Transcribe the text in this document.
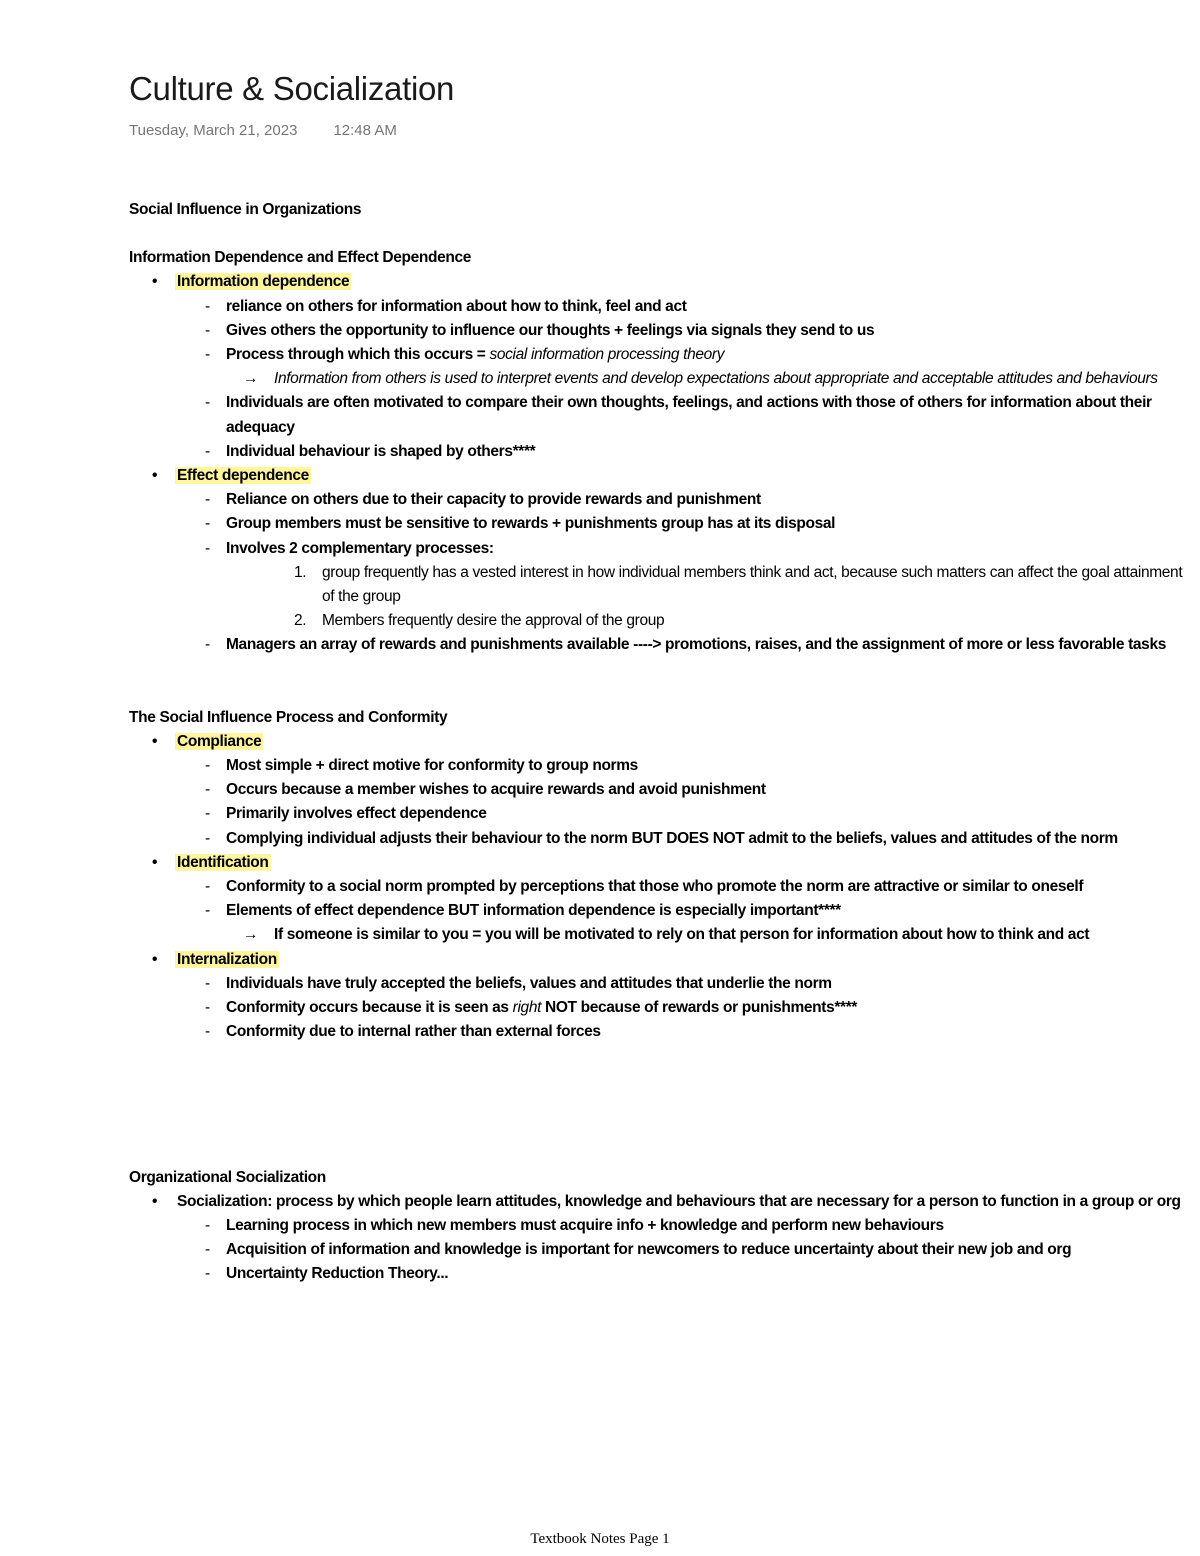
Culture & Socialization
Tuesday, March 21, 2023 12:48 AM

Social Influence in Organizations

Information Dependence and Effect Dependence

• Information dependence
- reliance on others for information about how to think, feel and act
- Gives others the opportunity to influence our thoughts + feelings via signals they send to us
- Process through which this occurs = social information processing theory
→ Information from others is used to interpret events and develop expectations about appropriate and acceptable attitudes and behaviours
- Individuals are often motivated to compare their own thoughts, feelings, and actions with those of others for information about their adequacy
- Individual behaviour is shaped by others****
• Effect dependence
- Reliance on others due to their capacity to provide rewards and punishment
- Group members must be sensitive to rewards + punishments group has at its disposal
- Involves 2 complementary processes:
1. group frequently has a vested interest in how individual members think and act, because such matters can affect the goal attainment of the group
2. Members frequently desire the approval of the group
- Managers an array of rewards and punishments available ----> promotions, raises, and the assignment of more or less favorable tasks

The Social Influence Process and Conformity

• Compliance
- Most simple + direct motive for conformity to group norms
- Occurs because a member wishes to acquire rewards and avoid punishment
- Primarily involves effect dependence
- Complying individual adjusts their behaviour to the norm BUT DOES NOT admit to the beliefs, values and attitudes of the norm
• Identification
- Conformity to a social norm prompted by perceptions that those who promote the norm are attractive or similar to oneself
- Elements of effect dependence BUT information dependence is especially important****
→ If someone is similar to you = you will be motivated to rely on that person for information about how to think and act
• Internalization
- Individuals have truly accepted the beliefs, values and attitudes that underlie the norm
- Conformity occurs because it is seen as right NOT because of rewards or punishments****
- Conformity due to internal rather than external forces

Organizational Socialization

• Socialization: process by which people learn attitudes, knowledge and behaviours that are necessary for a person to function in a group or org
- Learning process in which new members must acquire info + knowledge and perform new behaviours
- Acquisition of information and knowledge is important for newcomers to reduce uncertainty about their new job and org
- Uncertainty Reduction Theory...
Textbook Notes Page 1
